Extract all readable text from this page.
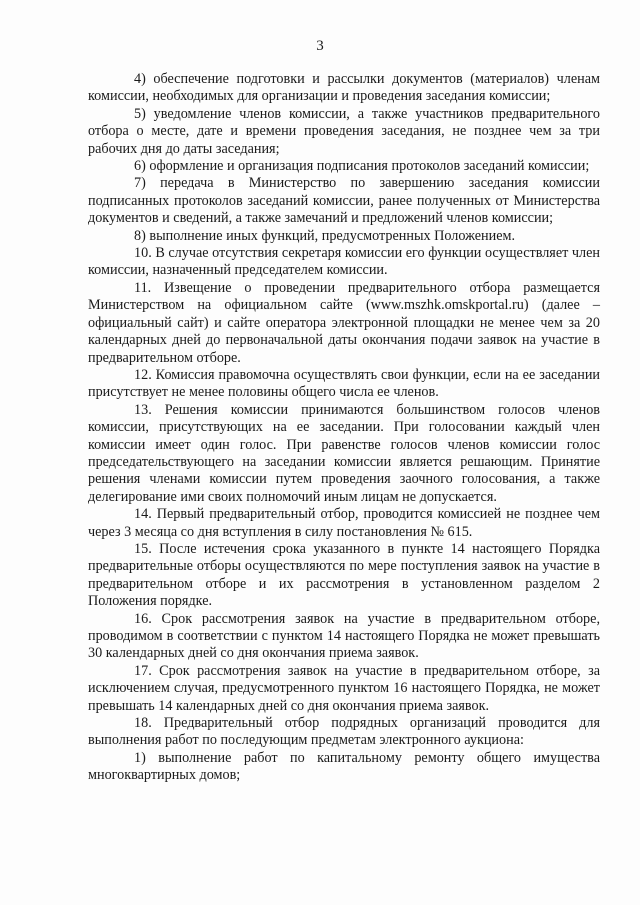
3

4) обеспечение подготовки и рассылки документов (материалов) членам комиссии, необходимых для организации и проведения заседания комиссии;

5) уведомление членов комиссии, а также участников предварительного отбора о месте, дате и времени проведения заседания, не позднее чем за три рабочих дня до даты заседания;

6) оформление и организация подписания протоколов заседаний комиссии;

7) передача в Министерство по завершению заседания комиссии подписанных протоколов заседаний комиссии, ранее полученных от Министерства документов и сведений, а также замечаний и предложений членов комиссии;

8) выполнение иных функций, предусмотренных Положением.

10. В случае отсутствия секретаря комиссии его функции осуществляет член комиссии, назначенный председателем комиссии.

11. Извещение о проведении предварительного отбора размещается Министерством на официальном сайте (www.mszhk.omskportal.ru) (далее – официальный сайт) и сайте оператора электронной площадки не менее чем за 20 календарных дней до первоначальной даты окончания подачи заявок на участие в предварительном отборе.

12. Комиссия правомочна осуществлять свои функции, если на ее заседании присутствует не менее половины общего числа ее членов.

13. Решения комиссии принимаются большинством голосов членов комиссии, присутствующих на ее заседании. При голосовании каждый член комиссии имеет один голос. При равенстве голосов членов комиссии голос председательствующего на заседании комиссии является решающим. Принятие решения членами комиссии путем проведения заочного голосования, а также делегирование ими своих полномочий иным лицам не допускается.

14. Первый предварительный отбор, проводится комиссией не позднее чем через 3 месяца со дня вступления в силу постановления № 615.

15. После истечения срока указанного в пункте 14 настоящего Порядка предварительные отборы осуществляются по мере поступления заявок на участие в предварительном отборе и их рассмотрения в установленном разделом 2 Положения порядке.

16. Срок рассмотрения заявок на участие в предварительном отборе, проводимом в соответствии с пунктом 14 настоящего Порядка не может превышать 30 календарных дней со дня окончания приема заявок.

17. Срок рассмотрения заявок на участие в предварительном отборе, за исключением случая, предусмотренного пунктом 16 настоящего Порядка, не может превышать 14 календарных дней со дня окончания приема заявок.

18. Предварительный отбор подрядных организаций проводится для выполнения работ по последующим предметам электронного аукциона:

1) выполнение работ по капитальному ремонту общего имущества многоквартирных домов;
